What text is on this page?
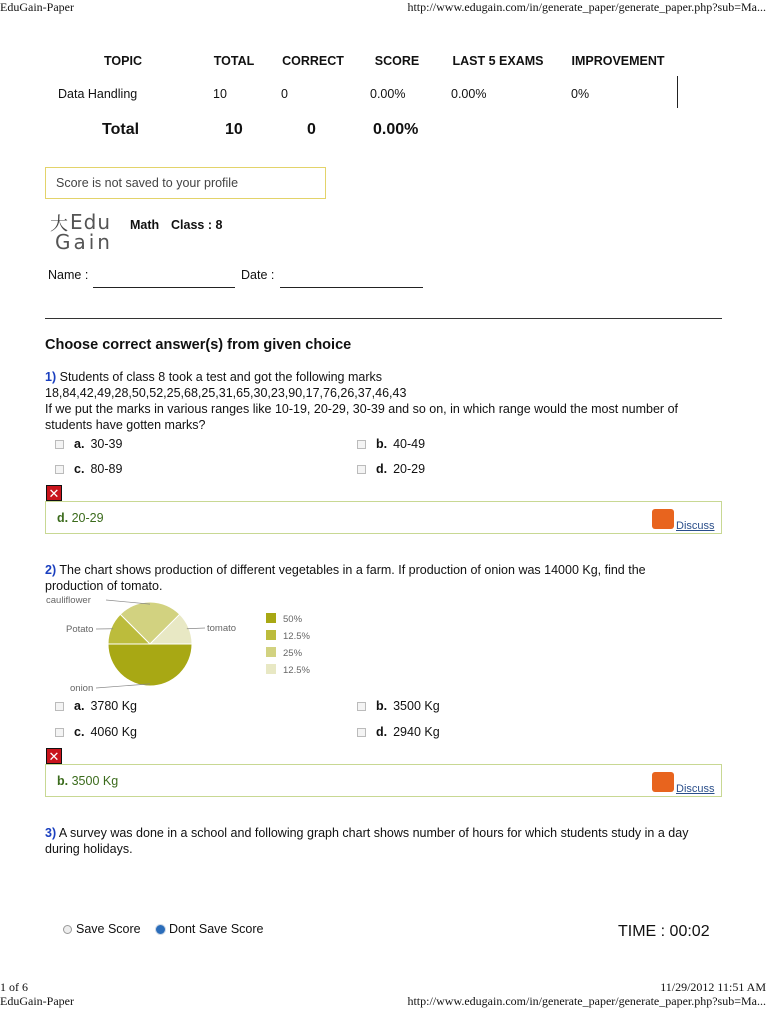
EduGain-Paper	http://www.edugain.com/in/generate_paper/generate_paper.php?sub=Ma...
TOPIC	TOTAL	CORRECT	SCORE	LAST 5 EXAMS	IMPROVEMENT
Data Handling	10	0	0.00%	0.00%	0%
Total	10	0	0.00%
Score is not saved to your profile
大 Edu
Gain
Math Class : 8
Name :	Date :
Choose correct answer(s) from given choice
1) Students of class 8 took a test and got the following marks
18,84,42,49,28,50,52,25,68,25,31,65,30,23,90,17,76,26,37,46,43
If we put the marks in various ranges like 10-19, 20-29, 30-39 and so on, in which range would the most number of
students have gotten marks?
a. 30-39	b. 40-49
c. 80-89	d. 20-29
✕
d. 20-29
Discuss
2) The chart shows production of different vegetables in a farm. If production of onion was 14000 Kg, find the
production of tomato.
onion
Potato
cauliflower
tomato
50%
12.5%
25%
12.5%
a. 3780 Kg	b. 3500 Kg
c. 4060 Kg	d. 2940 Kg
✕
b. 3500 Kg
Discuss
3) A survey was done in a school and following graph chart shows number of hours for which students study in a day
during holidays.
Save Score Dont Save Score	TIME : 00:02
1 of 6	11/29/2012 11:51 AM
EduGain-Paper	http://www.edugain.com/in/generate_paper/generate_paper.php?sub=Ma...
